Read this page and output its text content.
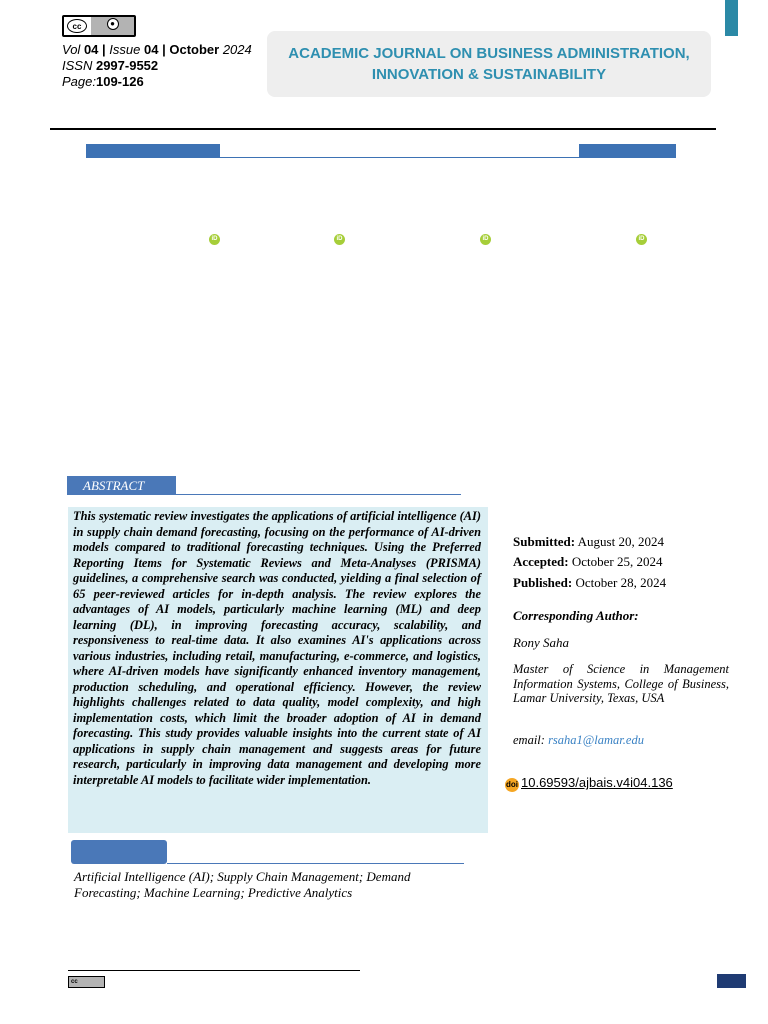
cc	●
Vol 04 | Issue 04 | October 2024
ISSN 2997-9552
Page:109-126
ACADEMIC JOURNAL ON BUSINESS ADMINISTRATION,
INNOVATION & SUSTAINABILITY
iD	iD	iD	iD
ABSTRACT
This systematic review investigates the applications of artificial intelligence (AI) in supply chain demand forecasting, focusing on the performance of AI-driven models compared to traditional forecasting techniques. Using the Preferred Reporting Items for Systematic Reviews and Meta-Analyses (PRISMA) guidelines, a comprehensive search was conducted, yielding a final selection of 65 peer-reviewed articles for in-depth analysis. The review explores the advantages of AI models, particularly machine learning (ML) and deep learning (DL), in improving forecasting accuracy, scalability, and responsiveness to real-time data. It also examines AI's applications across various industries, including retail, manufacturing, e-commerce, and logistics, where AI-driven models have significantly enhanced inventory management, production scheduling, and operational efficiency. However, the review highlights challenges related to data quality, model complexity, and high implementation costs, which limit the broader adoption of AI in demand forecasting. This study provides valuable insights into the current state of AI applications in supply chain management and suggests areas for future research, particularly in improving data management and developing more interpretable AI models to facilitate wider implementation.
Artificial Intelligence (AI); Supply Chain Management; Demand Forecasting; Machine Learning; Predictive Analytics
Submitted: August 20, 2024
Accepted: October 25, 2024
Published: October 28, 2024
Corresponding Author:
Rony Saha
Master of Science in Management Information Systems, College of Business, Lamar University, Texas, USA
email: rsaha1@lamar.edu
doi 10.69593/ajbais.v4i04.136
cc
